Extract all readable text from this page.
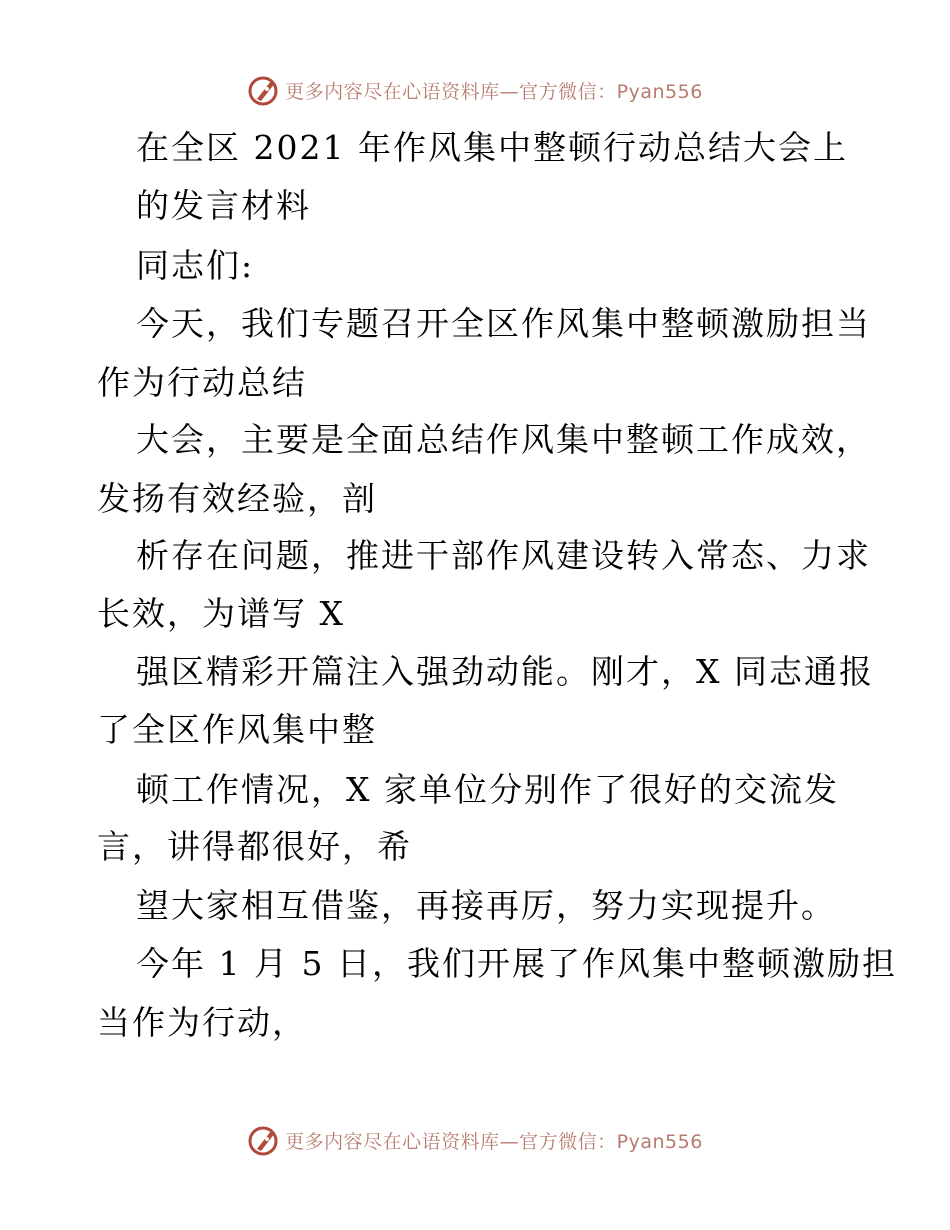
更多内容尽在心语资料库—官方微信：Pyan556
在全区 2021 年作风集中整顿行动总结大会上
的发言材料
同志们:
今天，我们专题召开全区作风集中整顿激励担当
作为行动总结
大会，主要是全面总结作风集中整顿工作成效，
发扬有效经验，剖
析存在问题，推进干部作风建设转入常态、力求
长效，为谱写 X
强区精彩开篇注入强劲动能。刚才，X 同志通报
了全区作风集中整
顿工作情况，X 家单位分别作了很好的交流发
言，讲得都很好，希
望大家相互借鉴，再接再厉，努力实现提升。
今年 1 月 5 日，我们开展了作风集中整顿激励担
当作为行动，
更多内容尽在心语资料库—官方微信：Pyan556
